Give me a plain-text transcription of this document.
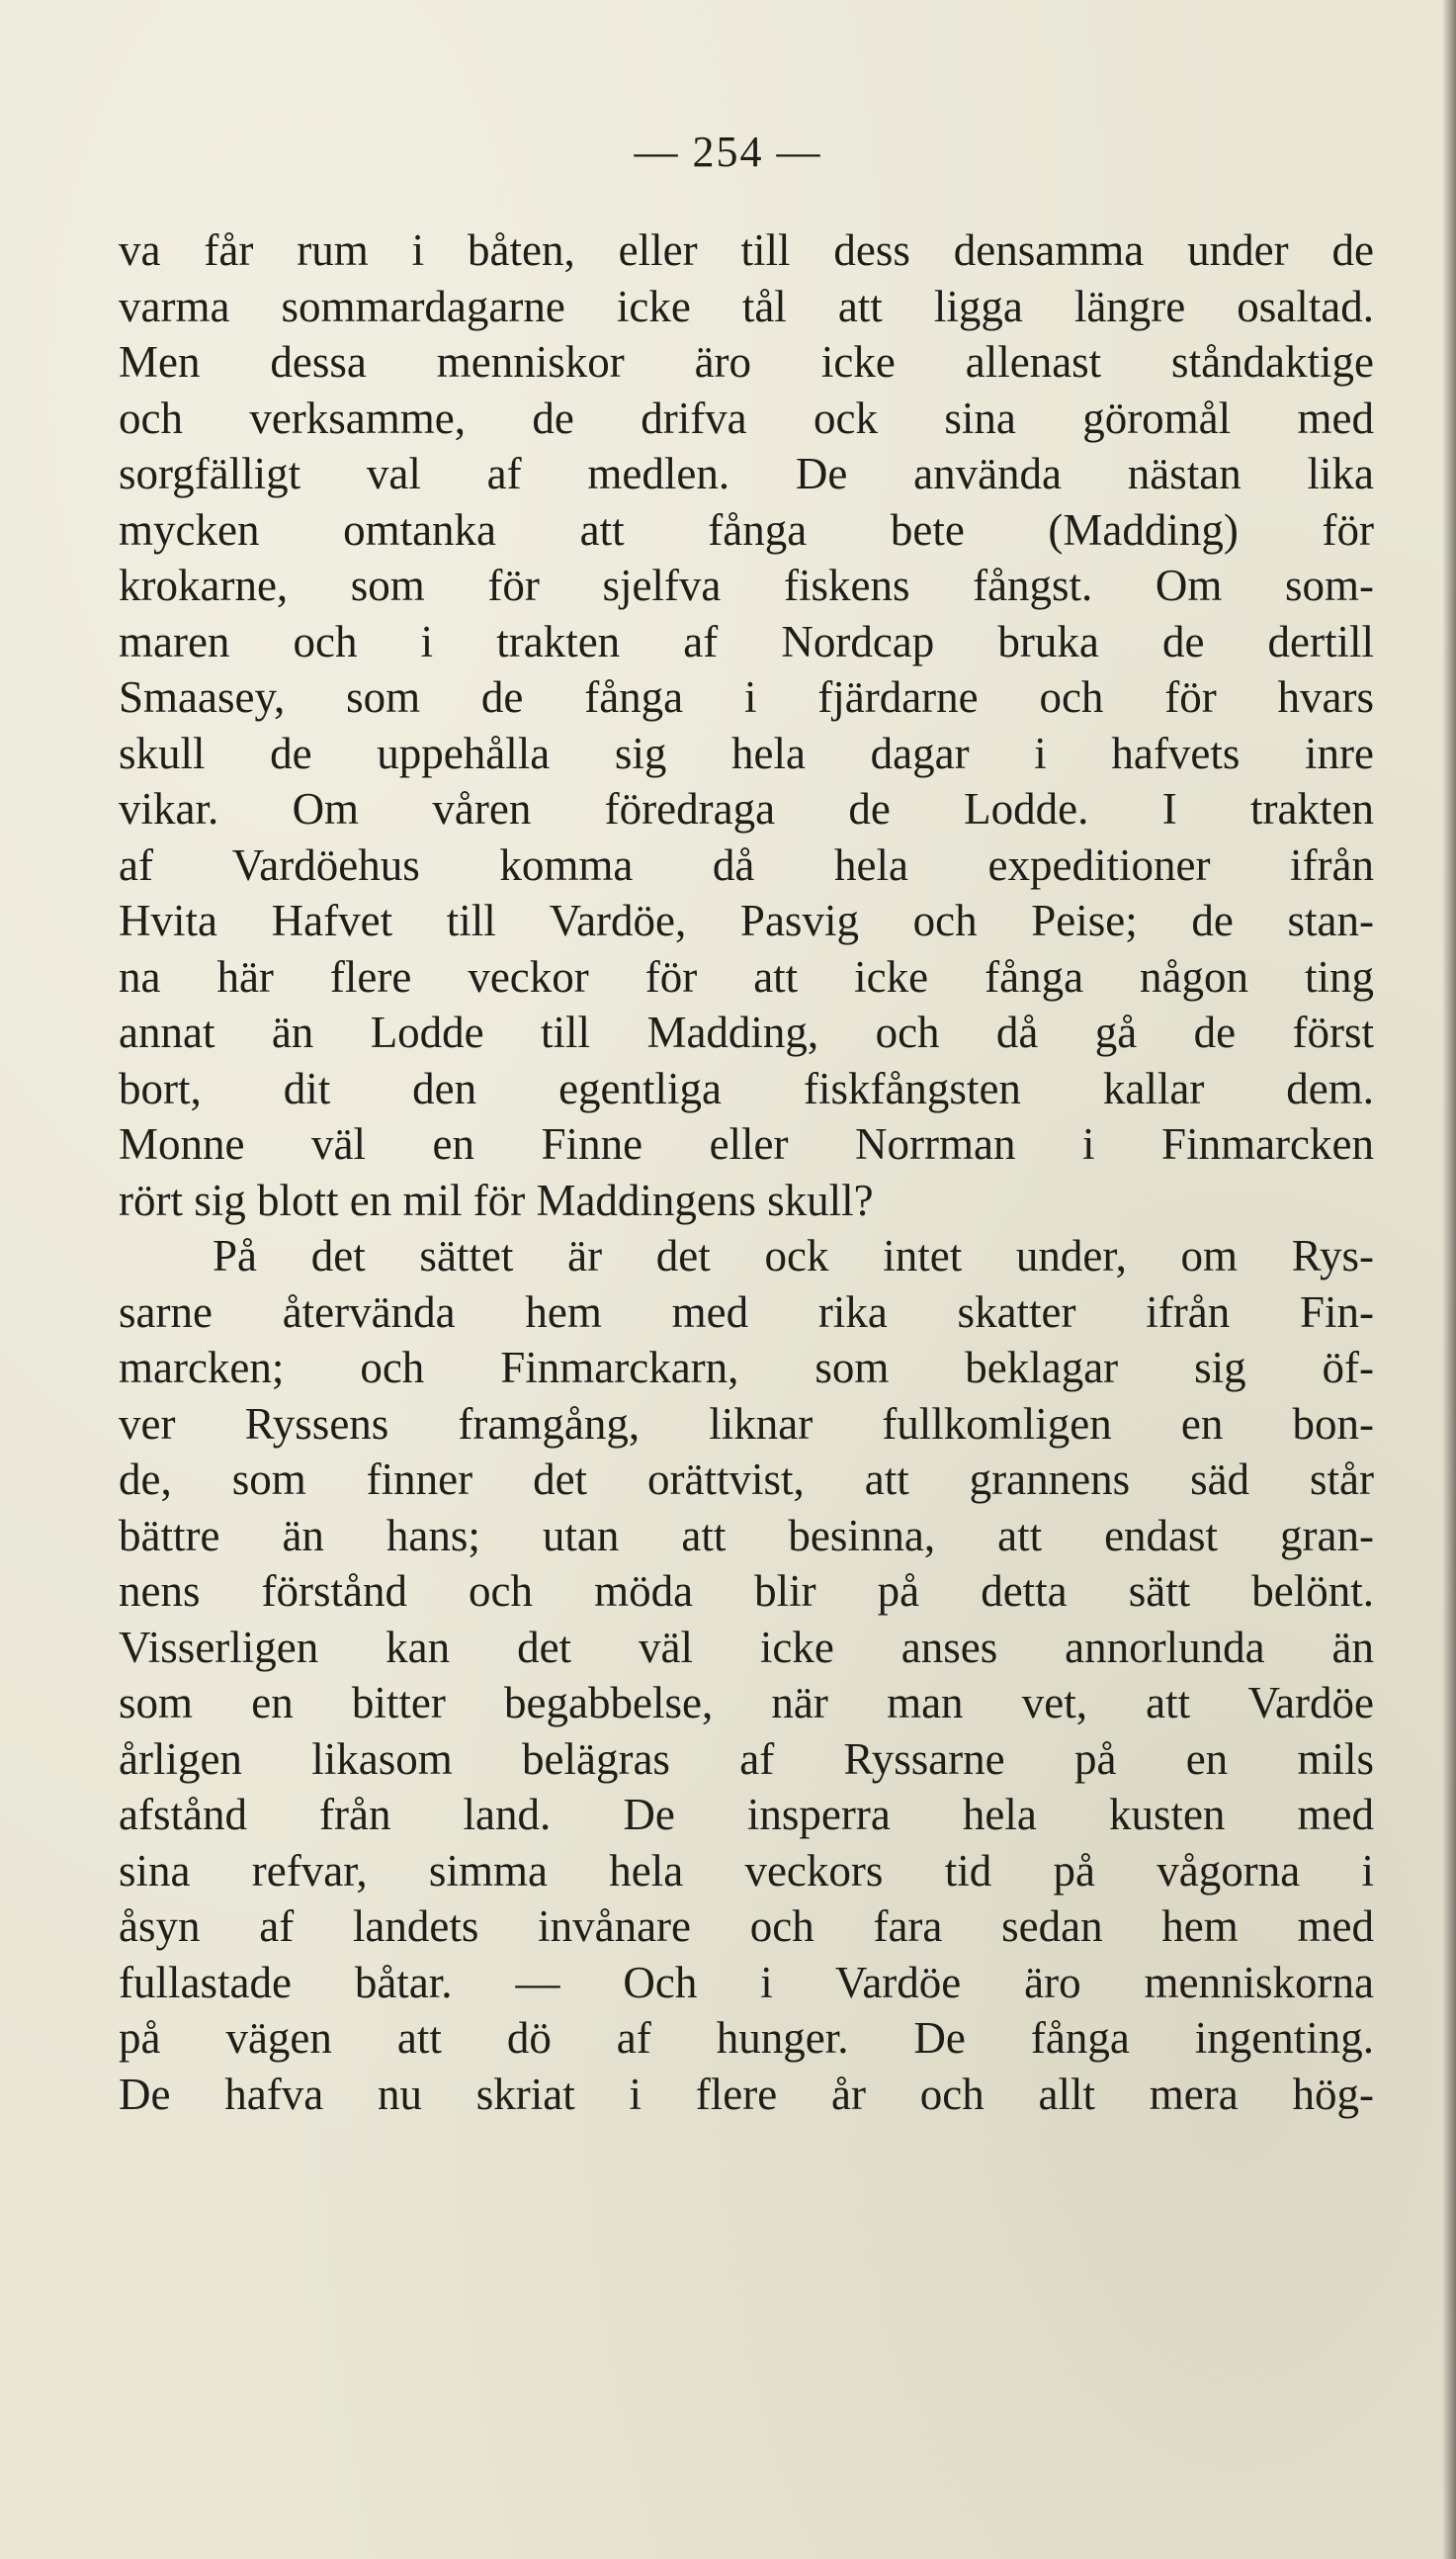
— 254 —
va får rum i båten, eller till dess densamma under de
varma sommardagarne icke tål att ligga längre osaltad.
Men dessa menniskor äro icke allenast ståndaktige
och verksamme, de drifva ock sina göromål med
sorgfälligt val af medlen. De använda nästan lika
mycken omtanka att fånga bete (Madding) för
krokarne, som för sjelfva fiskens fångst. Om som-
maren och i trakten af Nordcap bruka de dertill
Smaasey, som de fånga i fjärdarne och för hvars
skull de uppehålla sig hela dagar i hafvets inre
vikar. Om våren föredraga de Lodde. I trakten
af Vardöehus komma då hela expeditioner ifrån
Hvita Hafvet till Vardöe, Pasvig och Peise; de stan-
na här flere veckor för att icke fånga någon ting
annat än Lodde till Madding, och då gå de först
bort, dit den egentliga fiskfångsten kallar dem.
Monne väl en Finne eller Norrman i Finmarcken
rört sig blott en mil för Maddingens skull?
På det sättet är det ock intet under, om Rys-
sarne återvända hem med rika skatter ifrån Fin-
marcken; och Finmarckarn, som beklagar sig öf-
ver Ryssens framgång, liknar fullkomligen en bon-
de, som finner det orättvist, att grannens säd står
bättre än hans; utan att besinna, att endast gran-
nens förstånd och möda blir på detta sätt belönt.
Visserligen kan det väl icke anses annorlunda än
som en bitter begabbelse, när man vet, att Vardöe
årligen likasom belägras af Ryssarne på en mils
afstånd från land. De insperra hela kusten med
sina refvar, simma hela veckors tid på vågorna i
åsyn af landets invånare och fara sedan hem med
fullastade båtar. — Och i Vardöe äro menniskorna
på vägen att dö af hunger. De fånga ingenting.
De hafva nu skriat i flere år och allt mera hög-
